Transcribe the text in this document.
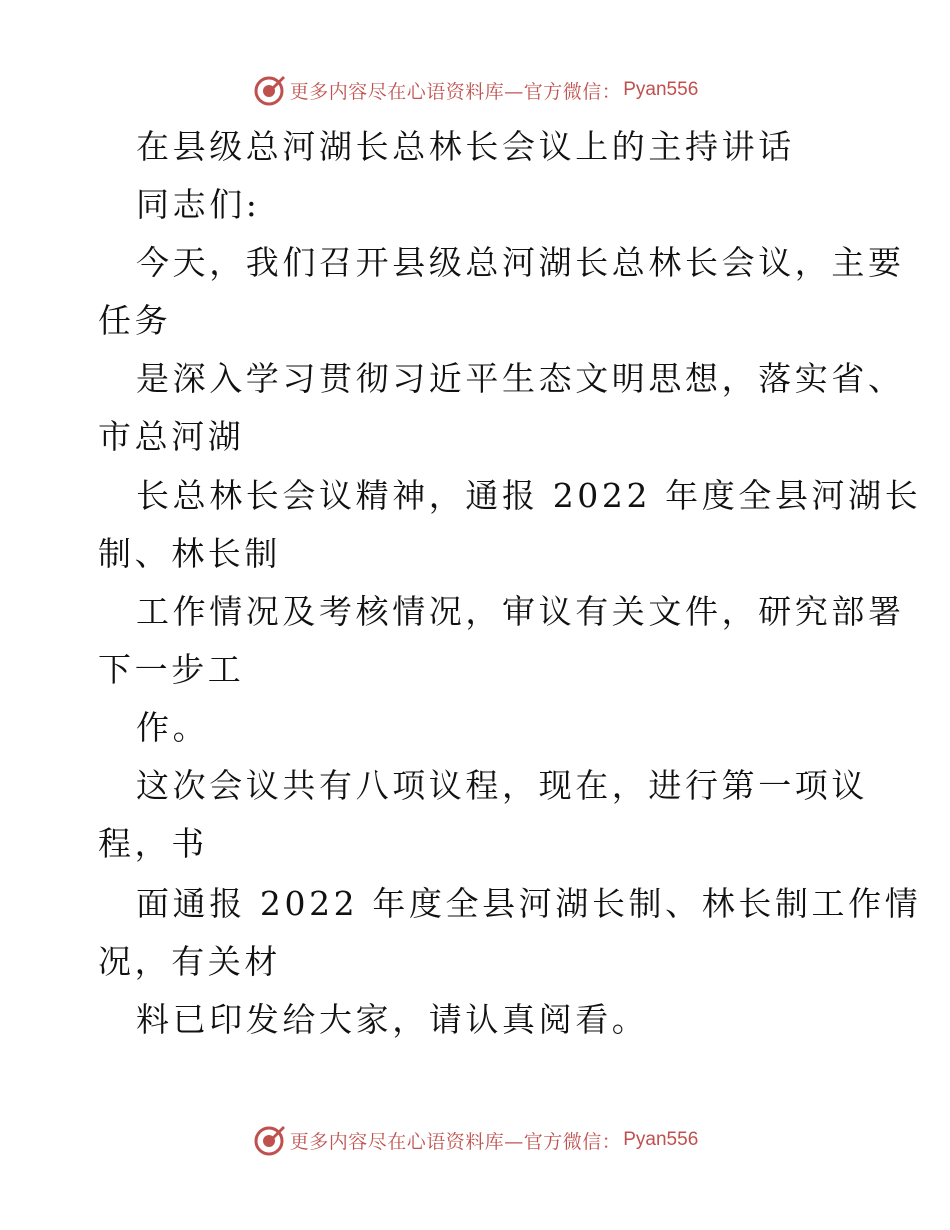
更多内容尽在心语资料库—官方微信： Pyan556
在县级总河湖长总林长会议上的主持讲话
同志们:
今天，我们召开县级总河湖长总林长会议，主要
任务
是深入学习贯彻习近平生态文明思想，落实省、
市总河湖
长总林长会议精神，通报 2022 年度全县河湖长
制、林长制
工作情况及考核情况，审议有关文件，研究部署
下一步工
作。
这次会议共有八项议程，现在，进行第一项议
程，书
面通报 2022 年度全县河湖长制、林长制工作情
况，有关材
料已印发给大家，请认真阅看。
更多内容尽在心语资料库—官方微信： Pyan556
